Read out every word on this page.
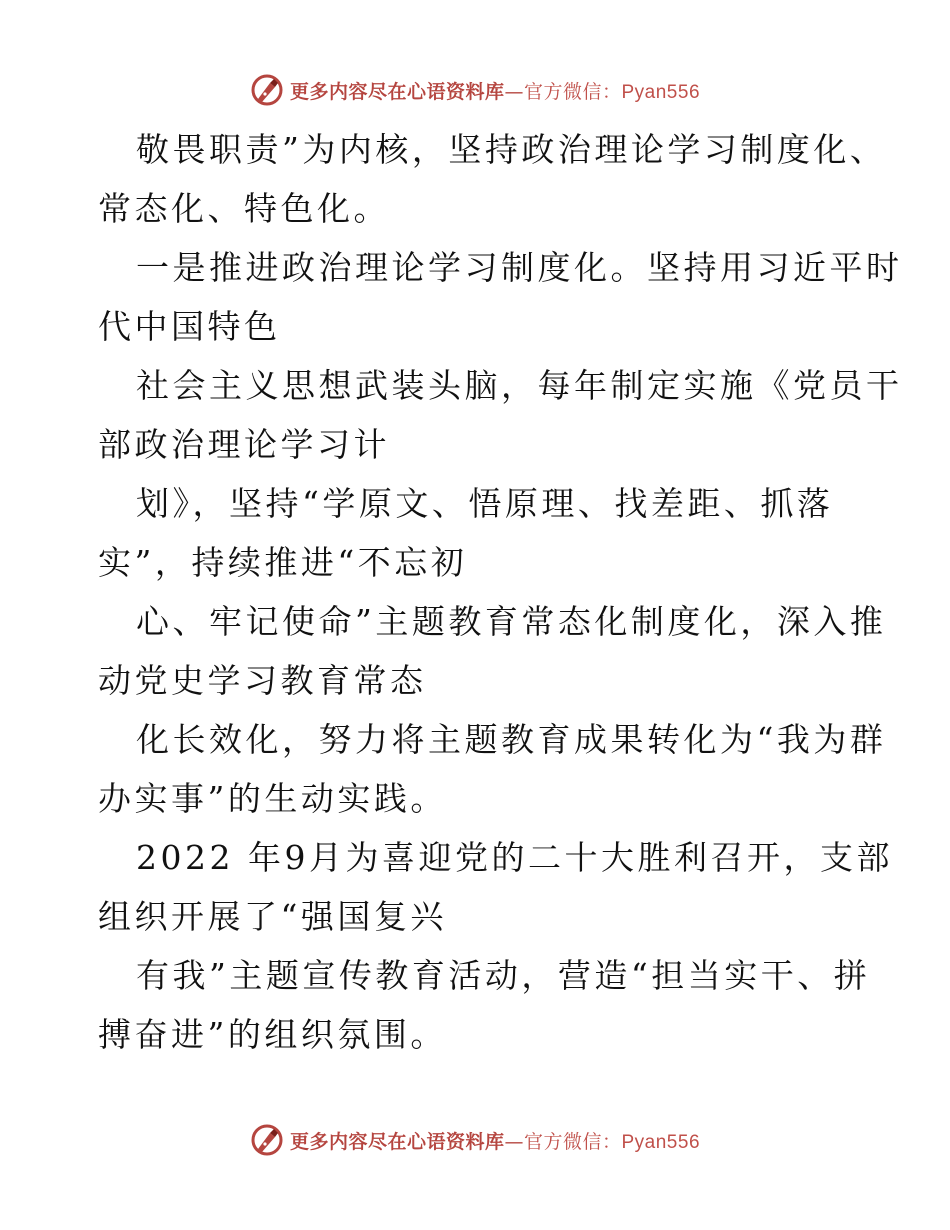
更多内容尽在心语资料库—官方微信：Pyan556
敬畏职责”为内核，坚持政治理论学习制度化、
常态化、特色化。
一是推进政治理论学习制度化。坚持用习近平时
代中国特色
社会主义思想武装头脑，每年制定实施《党员干
部政治理论学习计
划》，坚持“学原文、悟原理、找差距、抓落
实”，持续推进“不忘初
心、牢记使命”主题教育常态化制度化，深入推
动党史学习教育常态
化长效化，努力将主题教育成果转化为“我为群
办实事”的生动实践。
2022 年9月为喜迎党的二十大胜利召开，支部
组织开展了“强国复兴
有我”主题宣传教育活动，营造“担当实干、拼
搏奋进”的组织氛围。
更多内容尽在心语资料库—官方微信：Pyan556
